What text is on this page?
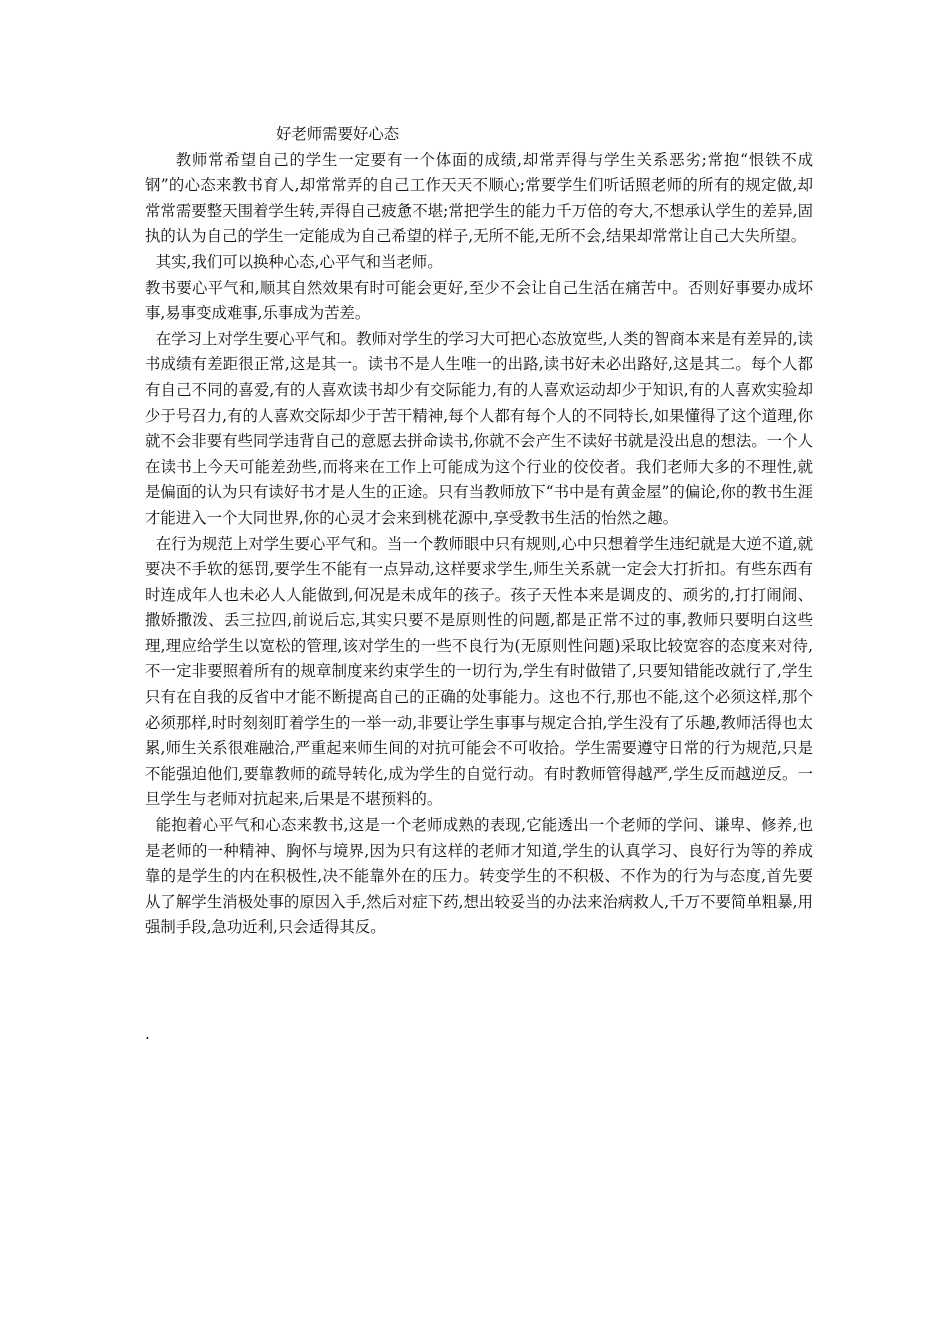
好老师需要好心态

教师常希望自己的学生一定要有一个体面的成绩,却常弄得与学生关系恶劣;常抱“恨铁不成钢”的心态来教书育人,却常常弄的自己工作天天不顺心;常要学生们听话照老师的所有的规定做,却常常需要整天围着学生转,弄得自己疲惫不堪;常把学生的能力千万倍的夸大,不想承认学生的差异,固执的认为自己的学生一定能成为自己希望的样子,无所不能,无所不会,结果却常常让自己大失所望。

其实,我们可以换种心态,心平气和当老师。

教书要心平气和,顺其自然效果有时可能会更好,至少不会让自己生活在痛苦中。否则好事要办成坏事,易事变成难事,乐事成为苦差。

在学习上对学生要心平气和。教师对学生的学习大可把心态放宽些,人类的智商本来是有差异的,读书成绩有差距很正常,这是其一。读书不是人生唯一的出路,读书好未必出路好,这是其二。每个人都有自己不同的喜爱,有的人喜欢读书却少有交际能力,有的人喜欢运动却少于知识,有的人喜欢实验却少于号召力,有的人喜欢交际却少于苦干精神,每个人都有每个人的不同特长,如果懂得了这个道理,你就不会非要有些同学违背自己的意愿去拼命读书,你就不会产生不读好书就是没出息的想法。一个人在读书上今天可能差劲些,而将来在工作上可能成为这个行业的佼佼者。我们老师大多的不理性,就是偏面的认为只有读好书才是人生的正途。只有当教师放下“书中是有黄金屋”的偏论,你的教书生涯才能进入一个大同世界,你的心灵才会来到桃花源中,享受教书生活的怡然之趣。

在行为规范上对学生要心平气和。当一个教师眼中只有规则,心中只想着学生违纪就是大逆不道,就要决不手软的惩罚,要学生不能有一点异动,这样要求学生,师生关系就一定会大打折扣。有些东西有时连成年人也未必人人能做到,何况是未成年的孩子。孩子天性本来是调皮的、顽劣的,打打闹闹、撒娇撒泼、丢三拉四,前说后忘,其实只要不是原则性的问题,都是正常不过的事,教师只要明白这些理,理应给学生以宽松的管理,该对学生的一些不良行为(无原则性问题)采取比较宽容的态度来对待,不一定非要照着所有的规章制度来约束学生的一切行为,学生有时做错了,只要知错能改就行了,学生只有在自我的反省中才能不断提高自己的正确的处事能力。这也不行,那也不能,这个必须这样,那个必须那样,时时刻刻盯着学生的一举一动,非要让学生事事与规定合拍,学生没有了乐趣,教师活得也太累,师生关系很难融洽,严重起来师生间的对抗可能会不可收拾。学生需要遵守日常的行为规范,只是不能强迫他们,要靠教师的疏导转化,成为学生的自觉行动。有时教师管得越严,学生反而越逆反。一旦学生与老师对抗起来,后果是不堪预料的。

能抱着心平气和心态来教书,这是一个老师成熟的表现,它能透出一个老师的学问、谦卑、修养,也是老师的一种精神、胸怀与境界,因为只有这样的老师才知道,学生的认真学习、良好行为等的养成靠的是学生的内在积极性,决不能靠外在的压力。转变学生的不积极、不作为的行为与态度,首先要从了解学生消极处事的原因入手,然后对症下药,想出较妥当的办法来治病救人,千万不要简单粗暴,用强制手段,急功近利,只会适得其反。

.
